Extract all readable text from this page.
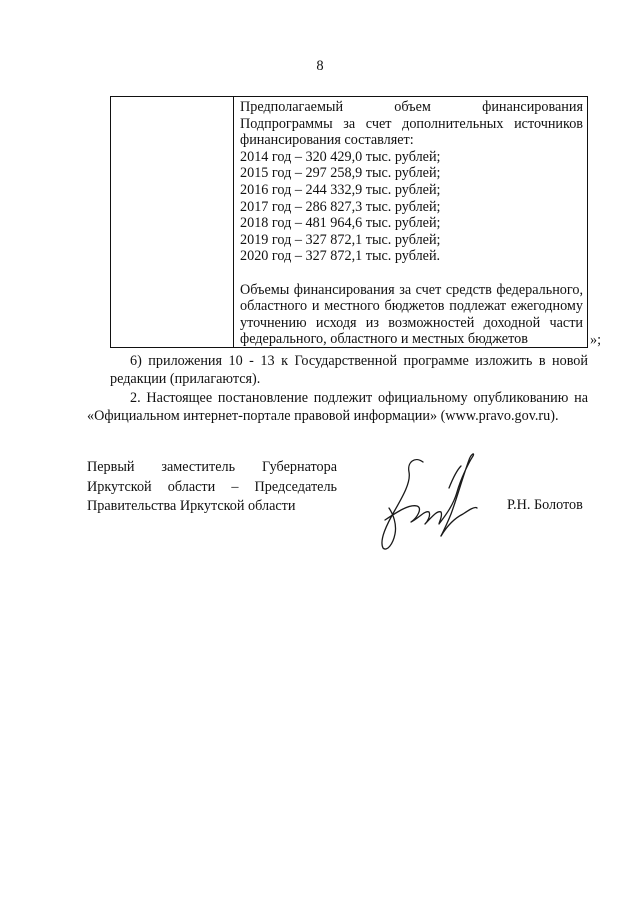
8
Предполагаемый объем финансирования
Подпрограммы за счет дополнительных источников
финансирования составляет:
2014 год – 320 429,0 тыс. рублей;
2015 год – 297 258,9 тыс. рублей;
2016 год – 244 332,9 тыс. рублей;
2017 год – 286 827,3 тыс. рублей;
2018 год – 481 964,6 тыс. рублей;
2019 год – 327 872,1 тыс. рублей;
2020 год – 327 872,1 тыс. рублей.
Объемы финансирования за счет средств федерального,
областного и местного бюджетов подлежат ежегодному
уточнению исходя из возможностей доходной части
федерального, областного и местных бюджетов	»;
6) приложения 10 - 13 к Государственной программе изложить в новой
редакции (прилагаются).
2. Настоящее постановление подлежит официальному опубликованию на
«Официальном интернет-портале правовой информации» (www.pravo.gov.ru).
Первый заместитель Губернатора
Иркутской области – Председатель
Правительства Иркутской области	Р.Н. Болотов
